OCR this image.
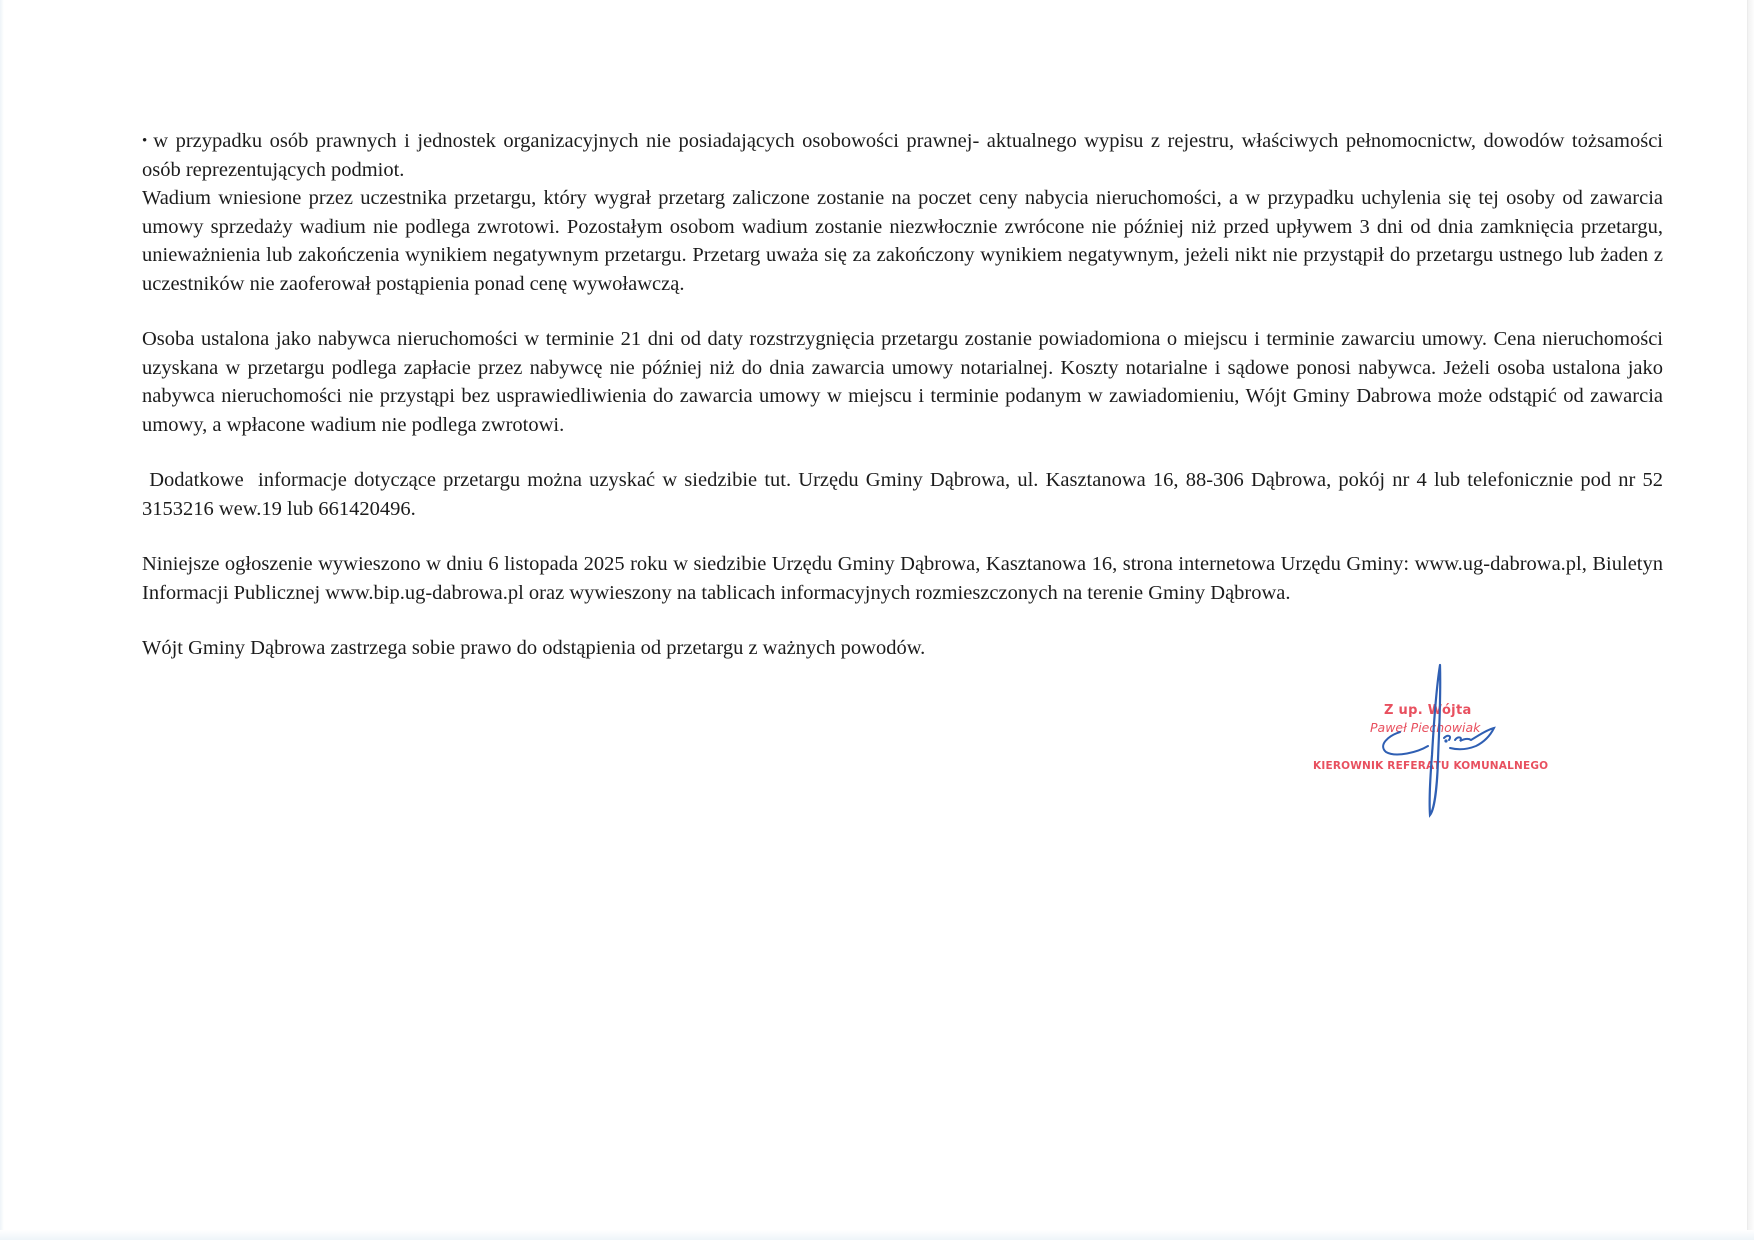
• w przypadku osób prawnych i jednostek organizacyjnych nie posiadających osobowości prawnej- aktualnego wypisu z rejestru, właściwych pełnomocnictw, dowodów tożsamości osób reprezentujących podmiot.

Wadium wniesione przez uczestnika przetargu, który wygrał przetarg zaliczone zostanie na poczet ceny nabycia nieruchomości, a w przypadku uchylenia się tej osoby od zawarcia umowy sprzedaży wadium nie podlega zwrotowi. Pozostałym osobom wadium zostanie niezwłocznie zwrócone nie później niż przed upływem 3 dni od dnia zamknięcia przetargu, unieważnienia lub zakończenia wynikiem negatywnym przetargu. Przetarg uważa się za zakończony wynikiem negatywnym, jeżeli nikt nie przystąpił do przetargu ustnego lub żaden z uczestników nie zaoferował postąpienia ponad cenę wywoławczą.

Osoba ustalona jako nabywca nieruchomości w terminie 21 dni od daty rozstrzygnięcia przetargu zostanie powiadomiona o miejscu i terminie zawarciu umowy. Cena nieruchomości uzyskana w przetargu podlega zapłacie przez nabywcę nie później niż do dnia zawarcia umowy notarialnej. Koszty notarialne i sądowe ponosi nabywca. Jeżeli osoba ustalona jako nabywca nieruchomości nie przystąpi bez usprawiedliwienia do zawarcia umowy w miejscu i terminie podanym w zawiadomieniu, Wójt Gminy Dabrowa może odstąpić od zawarcia umowy, a wpłacone wadium nie podlega zwrotowi.

Dodatkowe  informacje dotyczące przetargu można uzyskać w siedzibie tut. Urzędu Gminy Dąbrowa, ul. Kasztanowa 16, 88-306 Dąbrowa, pokój nr 4 lub telefonicznie pod nr 52 3153216 wew.19 lub 661420496.

Niniejsze ogłoszenie wywieszono w dniu 6 listopada 2025 roku w siedzibie Urzędu Gminy Dąbrowa, Kasztanowa 16, strona internetowa Urzędu Gminy: www.ug-dabrowa.pl, Biuletyn Informacji Publicznej www.bip.ug-dabrowa.pl oraz wywieszony na tablicach informacyjnych rozmieszczonych na terenie Gminy Dąbrowa.

Wójt Gminy Dąbrowa zastrzega sobie prawo do odstąpienia od przetargu z ważnych powodów.

Z up. Wójta
Paweł Piechowiak
KIEROWNIK REFERATU KOMUNALNEGO
